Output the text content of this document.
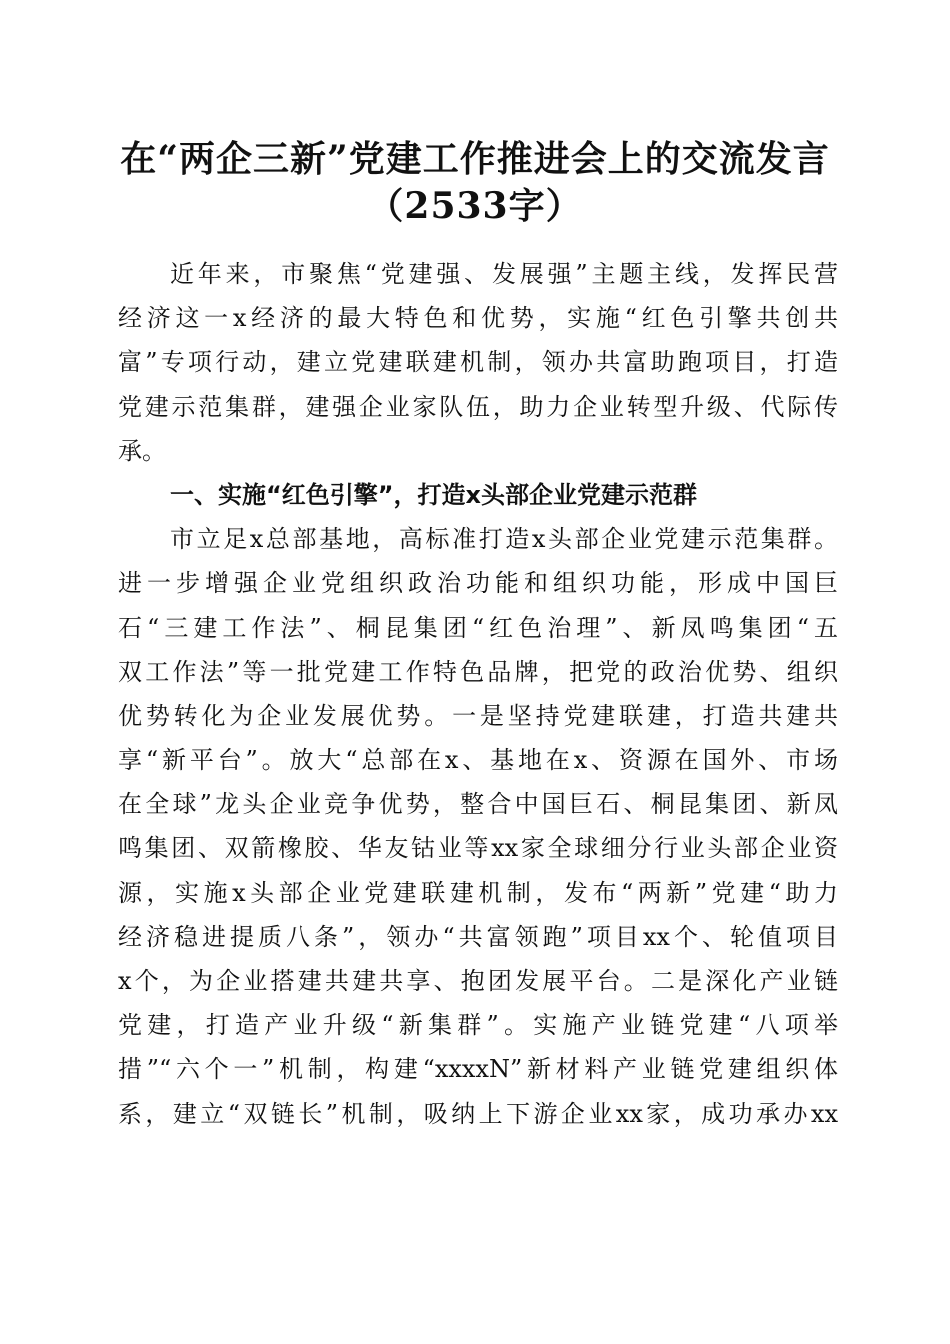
在“两企三新”党建工作推进会上的交流发言
（2533字）
近年来，市聚焦“党建强、发展强”主题主线，发挥民营
经济这一x经济的最大特色和优势，实施“红色引擎共创共
富”专项行动，建立党建联建机制，领办共富助跑项目，打造
党建示范集群，建强企业家队伍，助力企业转型升级、代际传
承。
一、实施“红色引擎”，打造x头部企业党建示范群
市立足x总部基地，高标准打造x头部企业党建示范集群。
进一步增强企业党组织政治功能和组织功能，形成中国巨
石“三建工作法”、桐昆集团“红色治理”、新凤鸣集团“五
双工作法”等一批党建工作特色品牌，把党的政治优势、组织
优势转化为企业发展优势。一是坚持党建联建，打造共建共
享“新平台”。放大“总部在x、基地在x、资源在国外、市场
在全球”龙头企业竞争优势，整合中国巨石、桐昆集团、新凤
鸣集团、双箭橡胶、华友钴业等xx家全球细分行业头部企业资
源，实施x头部企业党建联建机制，发布“两新”党建“助力
经济稳进提质八条”，领办“共富领跑”项目xx个、轮值项目
x个，为企业搭建共建共享、抱团发展平台。二是深化产业链
党建，打造产业升级“新集群”。实施产业链党建“八项举
措”“六个一”机制，构建“xxxxN”新材料产业链党建组织体
系，建立“双链长”机制，吸纳上下游企业xx家，成功承办xx
